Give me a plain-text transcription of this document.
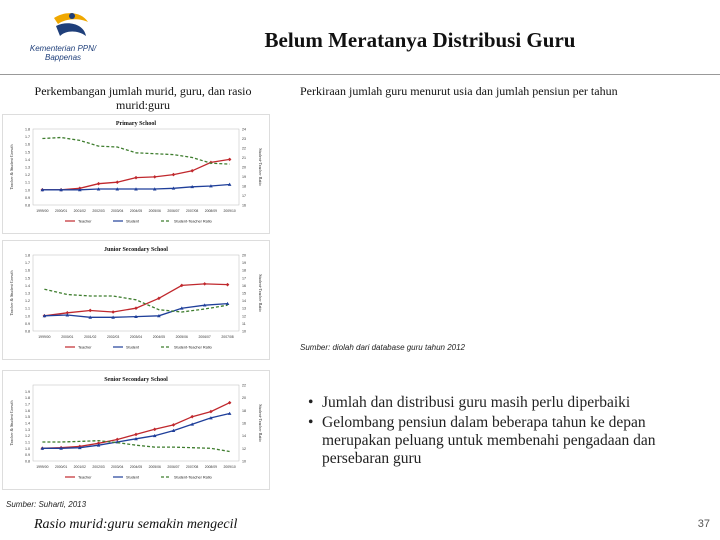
Kementerian PPN/
Bappenas
Belum Meratanya Distribusi Guru
Perkembangan jumlah murid, guru, dan rasio murid:guru
Perkiraan jumlah guru menurut usia dan jumlah pensiun per tahun
Primary School
0.8
0.9
1.0
1.1
1.2
1.3
1.4
1.5
1.6
1.7
1.8
16
17
18
19
20
21
22
23
24
1999/00 2000/01 2001/02 2002/03 2003/04 2004/05 2005/06 2006/07 2007/08 2008/09 2009/10
Teacher & Student Growth	Student-Teacher Ratio
Teacher	Student	Student-Teacher Ratio
Junior Secondary School
0.8
0.9
1.0
1.1
1.2
1.3
1.4
1.5
1.6
1.7
1.8
10
11
12
13
14
15
16
17
18
19
20
1999/00	2000/01	2001/02	2002/03	2003/04	2004/05	2005/06	2006/07	2007/08
Teacher & Student Growth	Student-Teacher Ratio
Teacher	Student	Student-Teacher Ratio
Senior Secondary School
0.8
0.9
1.0
1.1
1.2
1.3
1.4
1.5
1.6
1.7
1.8
1.9
10
12
14
16
18
20
22
1999/00 2000/01 2001/02 2002/03 2003/04 2004/05 2005/06 2006/07 2007/08 2008/09 2009/10
Teacher & Student Growth	Student-Teacher Ratio
Teacher	Student	Student-Teacher Ratio
Sumber: diolah dari database guru tahun 2012
Sumber: Suharti, 2013
• Jumlah dan distribusi guru masih perlu diperbaiki
• Gelombang pensiun dalam beberapa tahun ke depan merupakan peluang untuk membenahi pengadaan dan persebaran guru
Rasio murid:guru semakin mengecil	37
